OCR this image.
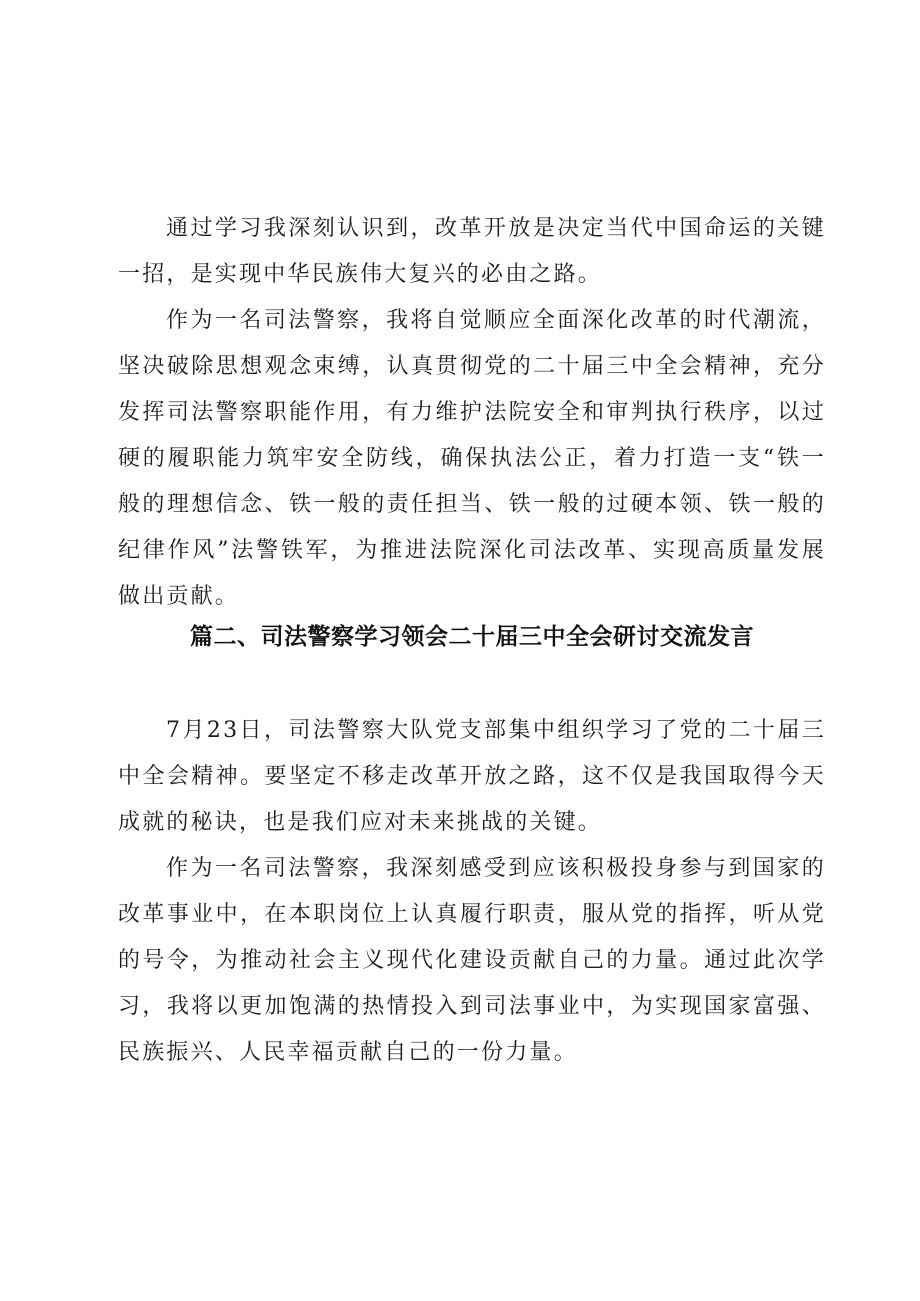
通过学习我深刻认识到，改革开放是决定当代中国命运的关键一招，是实现中华民族伟大复兴的必由之路。

作为一名司法警察，我将自觉顺应全面深化改革的时代潮流，坚决破除思想观念束缚，认真贯彻党的二十届三中全会精神，充分发挥司法警察职能作用，有力维护法院安全和审判执行秩序，以过硬的履职能力筑牢安全防线，确保执法公正，着力打造一支“铁一般的理想信念、铁一般的责任担当、铁一般的过硬本领、铁一般的纪律作风”法警铁军，为推进法院深化司法改革、实现高质量发展做出贡献。

篇二、司法警察学习领会二十届三中全会研讨交流发言

7月23日，司法警察大队党支部集中组织学习了党的二十届三中全会精神。要坚定不移走改革开放之路，这不仅是我国取得今天成就的秘诀，也是我们应对未来挑战的关键。

作为一名司法警察，我深刻感受到应该积极投身参与到国家的改革事业中，在本职岗位上认真履行职责，服从党的指挥，听从党的号令，为推动社会主义现代化建设贡献自己的力量。通过此次学习，我将以更加饱满的热情投入到司法事业中，为实现国家富强、民族振兴、人民幸福贡献自己的一份力量。
